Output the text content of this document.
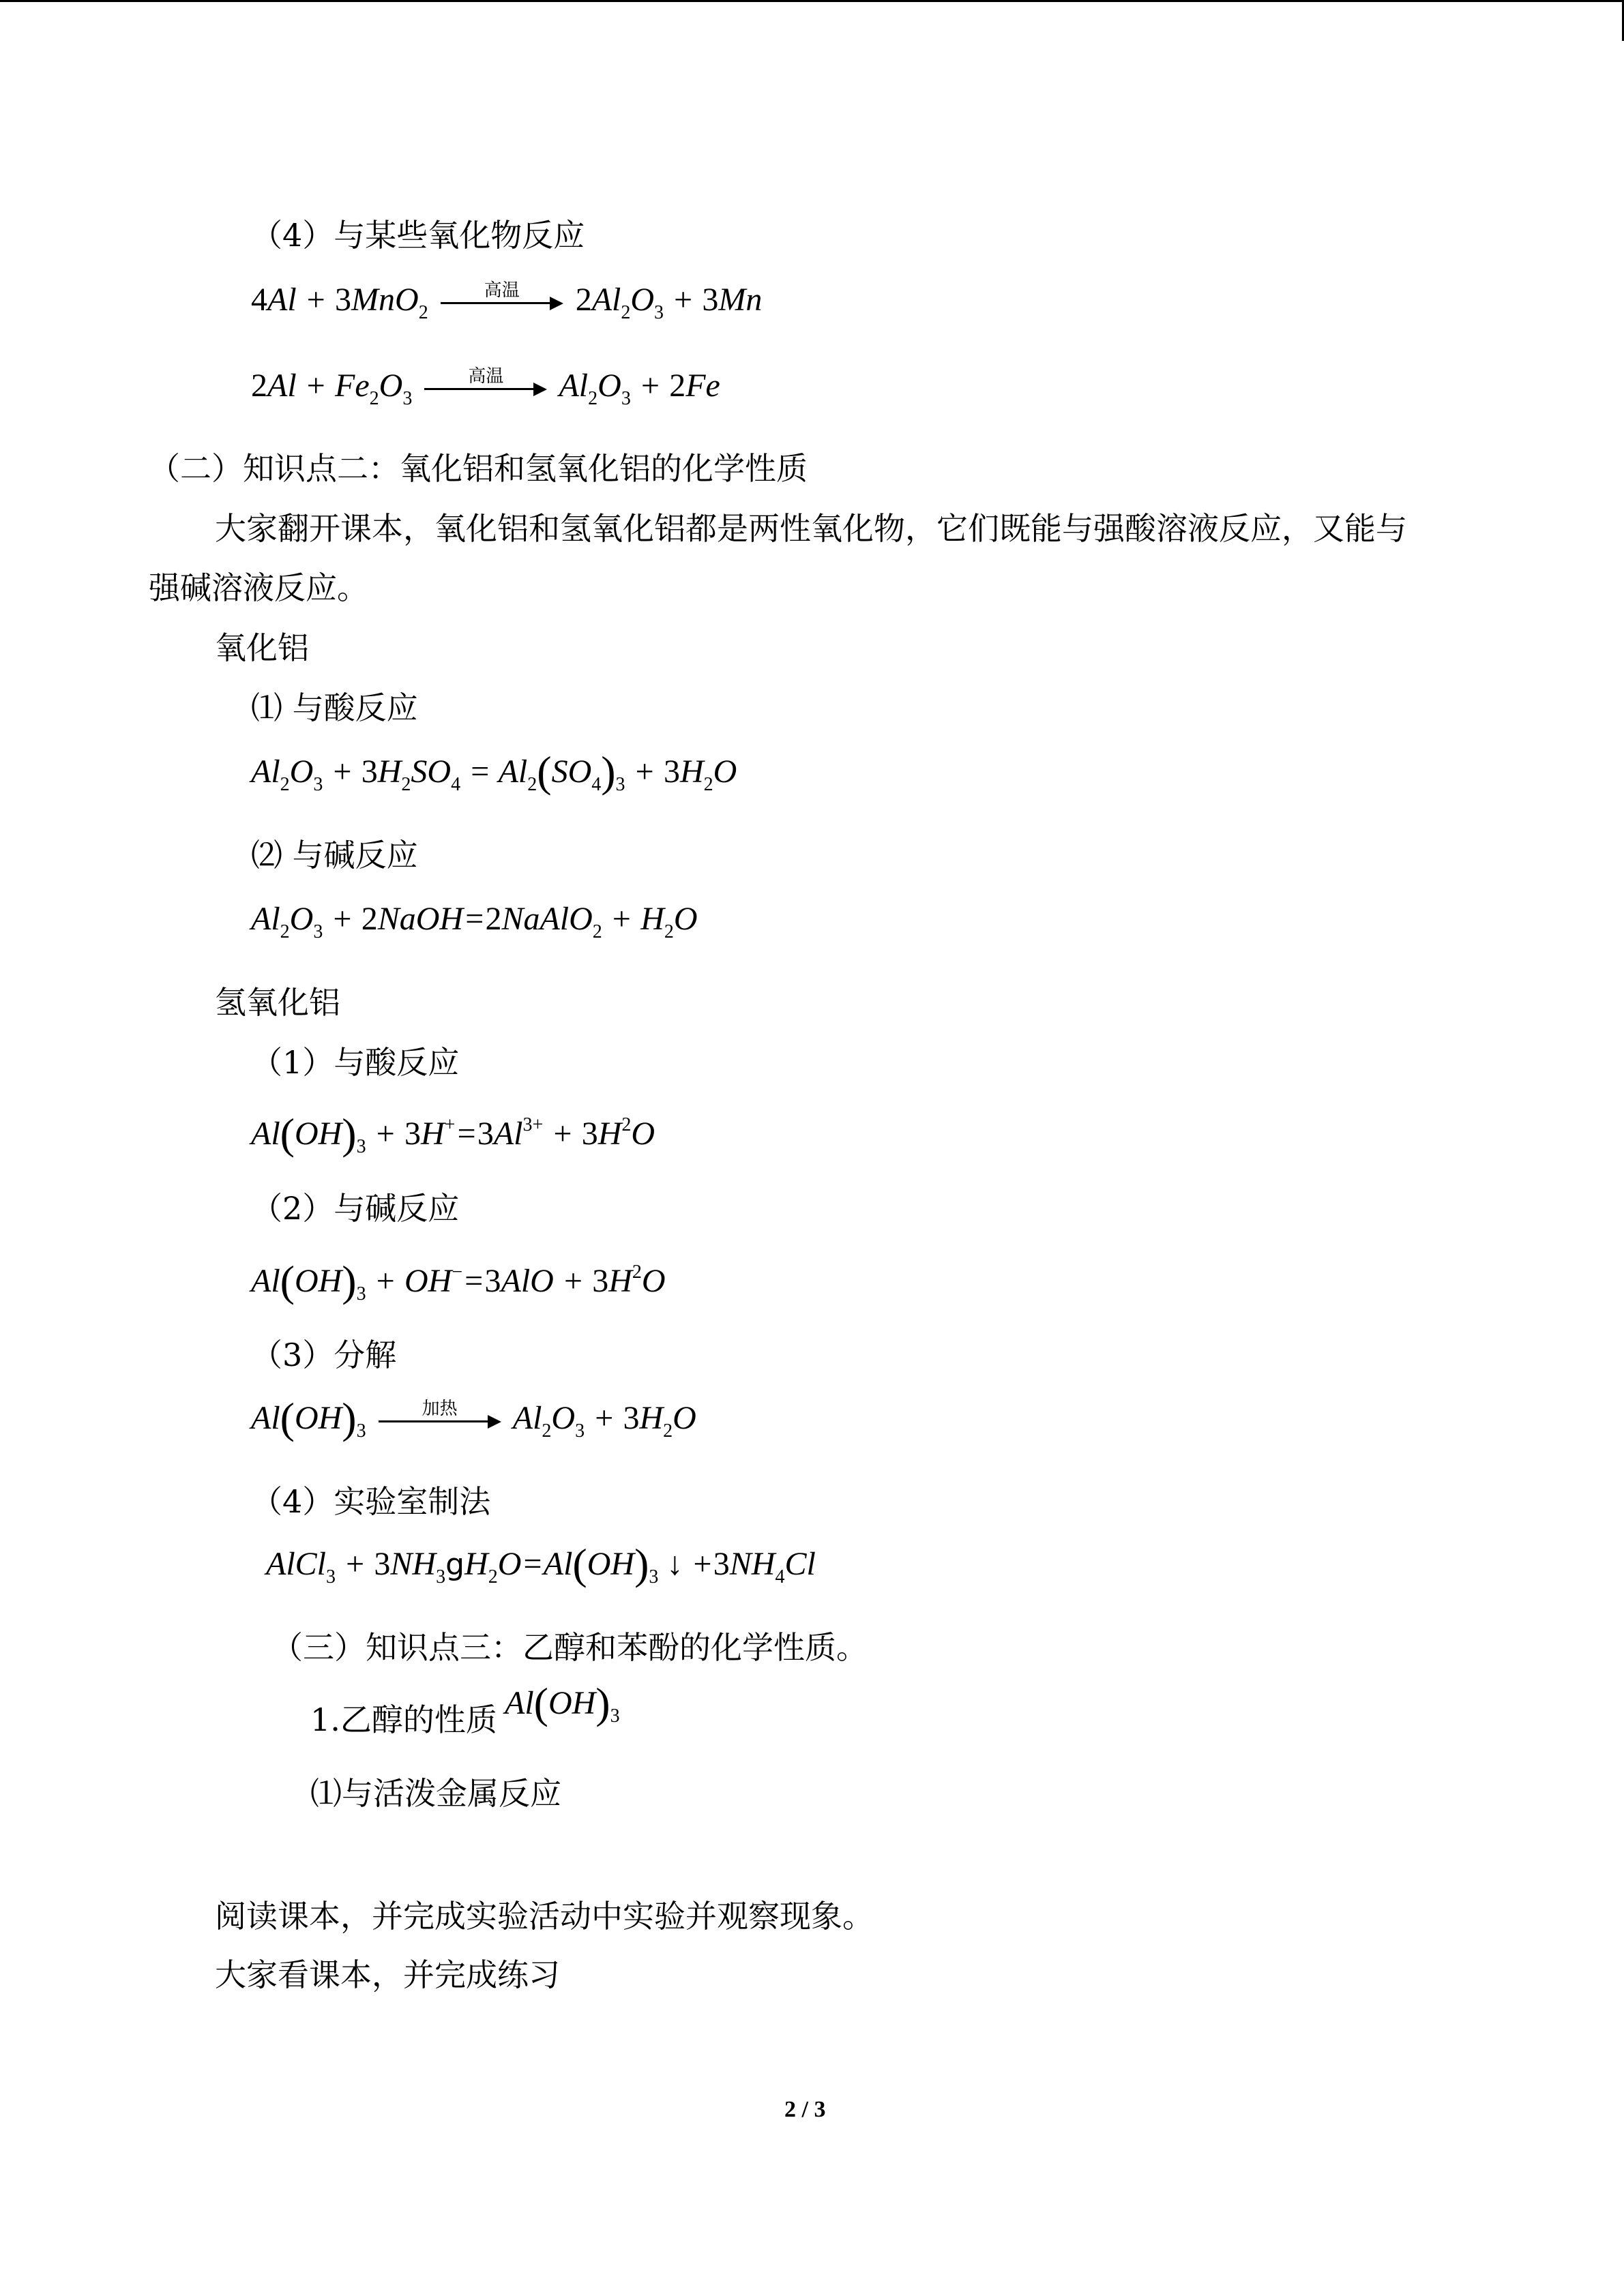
（4）与某些氧化物反应
4Al + 3MnO$_2$
高温	$2Al_2O_3 + 3Mn$
$2Al + Fe_2O_3$
高温	$Al_2O_3 + 2Fe$
（二）知识点二：氧化铝和氢氧化铝的化学性质
大家翻开课本，氧化铝和氢氧化铝都是两性氧化物，它们既能与强酸溶液反应，又能与
强碱溶液反应。
氧化铝
⑴ 与酸反应
$Al_2O_3 + 3H_2SO_4 = Al_2(SO_4)_3 + 3H_2O$
⑵ 与碱反应
$Al_2O_3$ + 2NaOH=2NaAlO$_2$ + $H_2O$
氢氧化铝
（1）与酸反应
$Al(OH)_3 + 3H^+=3Al^{3+} + 3H^2O$
（2）与碱反应
$Al(OH)_3 + OH^-=3AlO + 3H^2O$
（3）分解
$Al(OH)_3$
加热	$Al_2O_3 + 3H_2O$
（4）实验室制法
AlCl$_3$ + $3NH_3gH_2O=Al(OH)_3$ ↓ $+3NH_4Cl$
（三）知识点三：乙醇和苯酚的化学性质。
1.乙醇的性质 $Al(OH)_3$
⑴与活泼金属反应
阅读课本，并完成实验活动中实验并观察现象。
大家看课本，并完成练习
2 / 3
